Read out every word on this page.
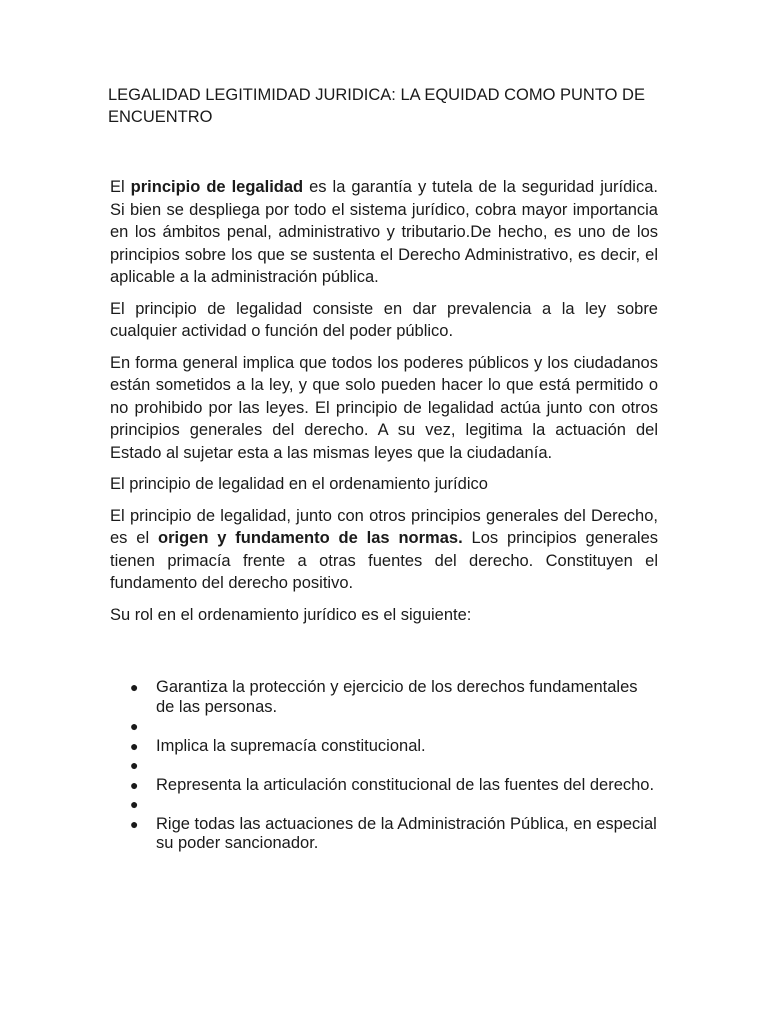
LEGALIDAD LEGITIMIDAD JURIDICA: LA EQUIDAD COMO PUNTO DE ENCUENTRO

El principio de legalidad es la garantía y tutela de la seguridad jurídica. Si bien se despliega por todo el sistema jurídico, cobra mayor importancia en los ámbitos penal, administrativo y tributario.De hecho, es uno de los principios sobre los que se sustenta el Derecho Administrativo, es decir, el aplicable a la administración pública.

El principio de legalidad consiste en dar prevalencia a la ley sobre cualquier actividad o función del poder público.

En forma general implica que todos los poderes públicos y los ciudadanos están sometidos a la ley, y que solo pueden hacer lo que está permitido o no prohibido por las leyes. El principio de legalidad actúa junto con otros principios generales del derecho. A su vez, legitima la actuación del Estado al sujetar esta a las mismas leyes que la ciudadanía.

El principio de legalidad en el ordenamiento jurídico

El principio de legalidad, junto con otros principios generales del Derecho, es el origen y fundamento de las normas. Los principios generales tienen primacía frente a otras fuentes del derecho. Constituyen el fundamento del derecho positivo.

Su rol en el ordenamiento jurídico es el siguiente:

● Garantiza la protección y ejercicio de los derechos fundamentales de las personas.
●
● Implica la supremacía constitucional.
●
● Representa la articulación constitucional de las fuentes del derecho.
●
● Rige todas las actuaciones de la Administración Pública, en especial su poder sancionador.
